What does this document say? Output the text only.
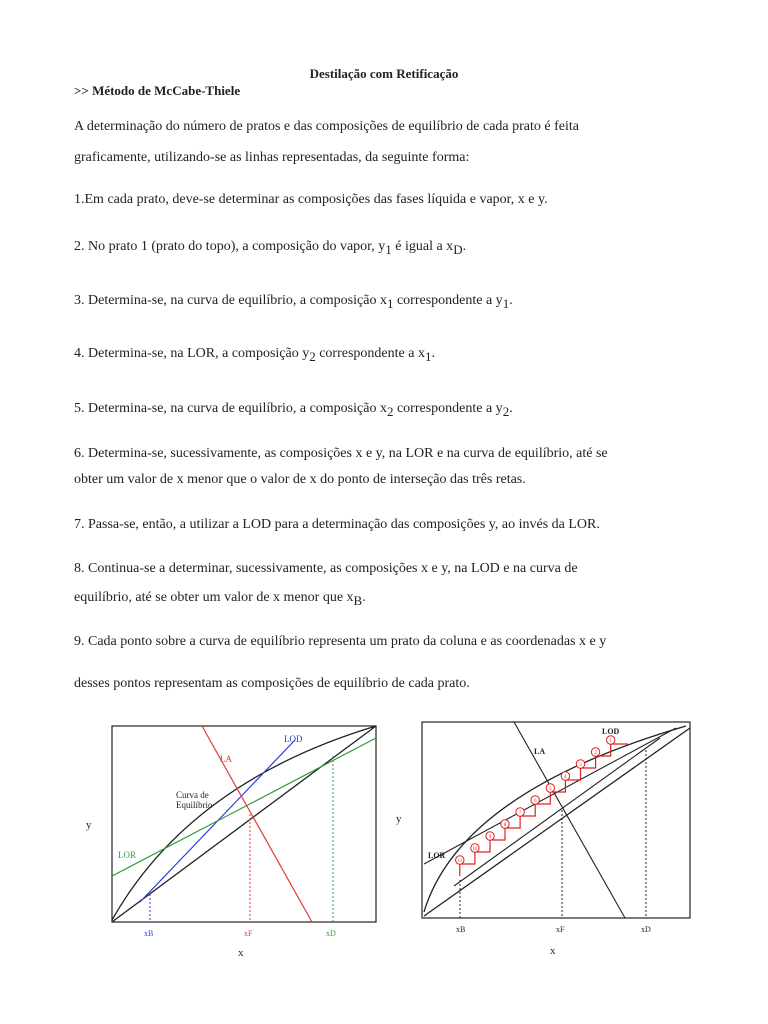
Destilação com Retificação
>> Método de McCabe-Thiele
A determinação do número de pratos e das composições de equilíbrio de cada prato é feita
graficamente, utilizando-se as linhas representadas, da seguinte forma:
1.Em cada prato, deve-se determinar as composições das fases líquida e vapor, x e y.
2. No prato 1 (prato do topo), a composição do vapor, $y_1$ é igual a $x_D$.
3. Determina-se, na curva de equilíbrio, a composição $x_1$ correspondente a $y_1$.
4. Determina-se, na LOR, a composição $y_2$ correspondente a $x_1$.
5. Determina-se, na curva de equilíbrio, a composição $x_2$ correspondente a $y_2$.
6. Determina-se, sucessivamente, as composições x e y, na LOR e na curva de equilíbrio, até se
obter um valor de x menor que o valor de x do ponto de interseção das três retas.
7. Passa-se, então, a utilizar a LOD para a determinação das composições y, ao invés da LOR.
8. Continua-se a determinar, sucessivamente, as composições x e y, na LOD e na curva de
equilíbrio, até se obter um valor de x menor que $x_B$.
9. Cada ponto sobre a curva de equilíbrio representa um prato da coluna e as coordenadas x e y
desses pontos representam as composições de equilíbrio de cada prato.
LOD
LA
Curva de
Equilíbrio
LOR
y
x
xB	xF	xD
LOD
LA
LOR
y
x
xB	xF	xD
1
2
3
4
5
6
7
8
9
10
11
